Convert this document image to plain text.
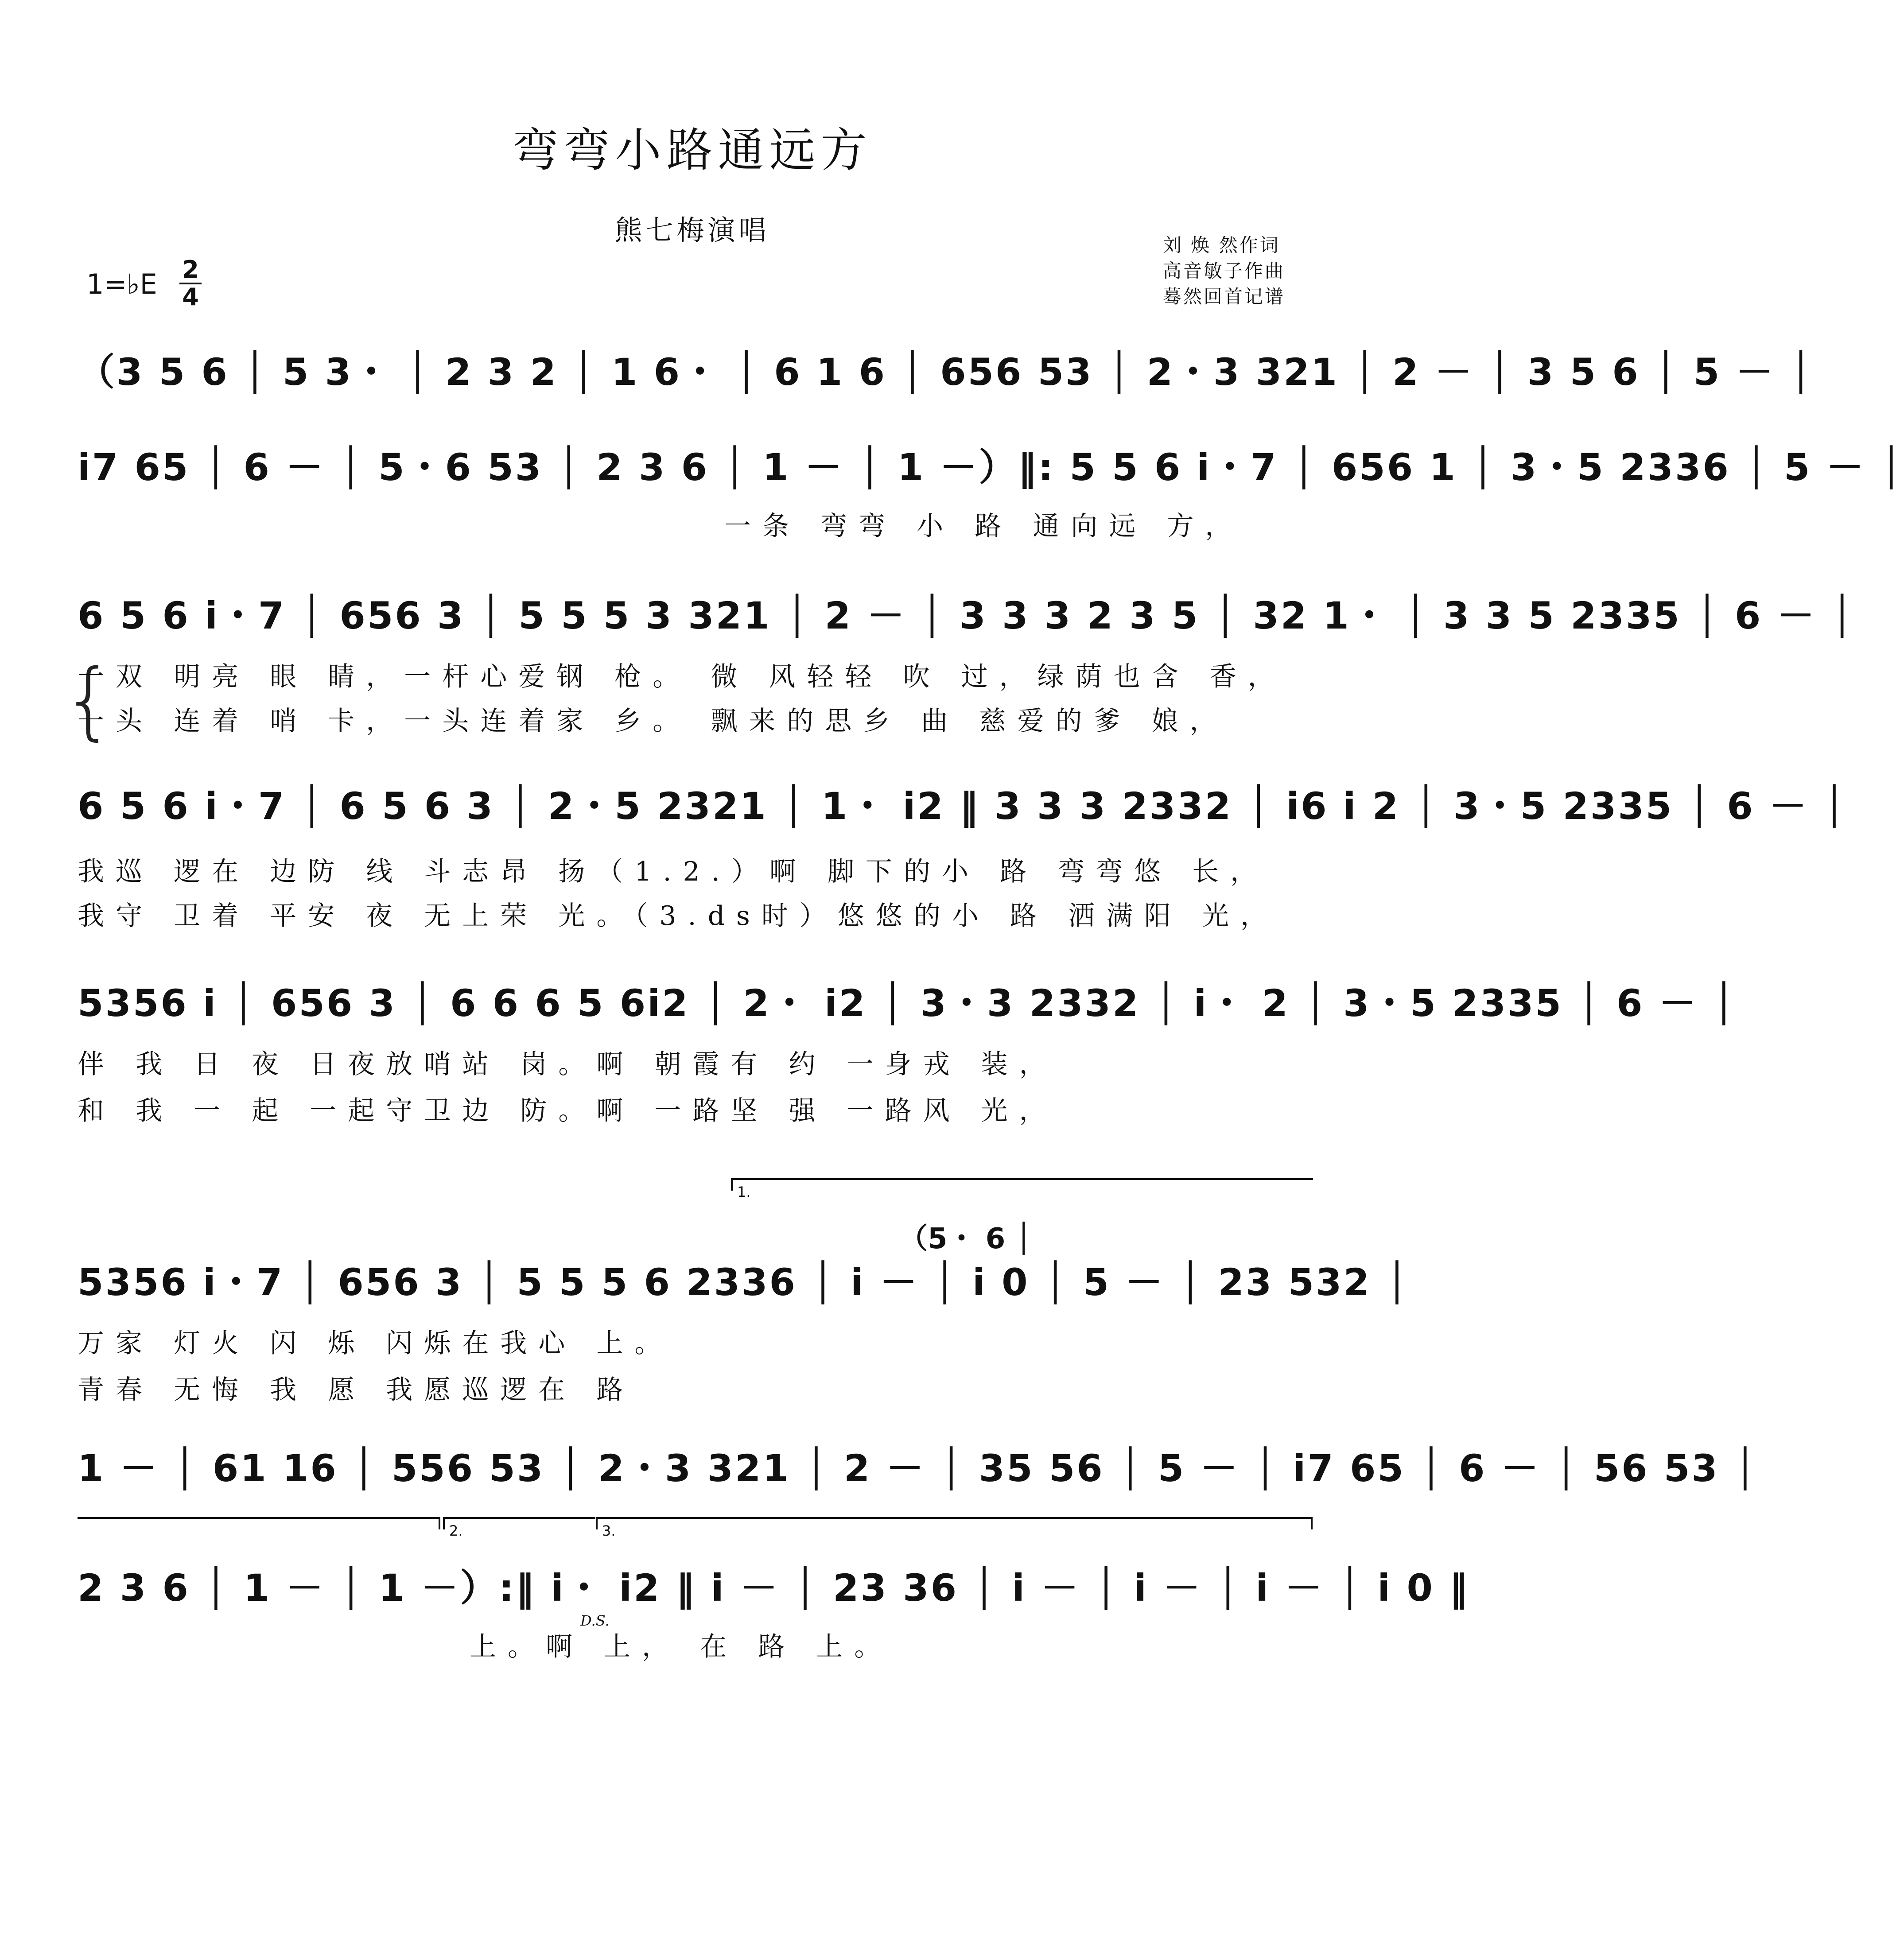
弯弯小路通远方
熊七梅演唱	刘 焕 然作词
高音敏子作曲
蓦然回首记谱
1=♭E 2
4
（3 5 6 │ 5 3・ │ 2 3 2 │ 1 6・ │ 6 1 6 │ 656 53 │ 2・3 321 │ 2 － │ 3 5 6 │ 5 － │
i7 65 │ 6 － │ 5・6 53 │ 2 3 6 │ 1 － │ 1 －）‖: 5 5 6 i・7 │ 656 1 │ 3・5 2336 │ 5 － │
一条 弯弯 小 路 通向远 方，
6 5 6 i・7 │ 656 3 │ 5 5 5 3 321 │ 2 － │ 3 3 3 2 3 5 │ 32 1・ │ 3 3 5 2335 │ 6 － │
{
一双 明亮 眼 睛，一杆心爱钢 枪。 微 风轻轻 吹 过，绿荫也含 香，
一头 连着 哨 卡，一头连着家 乡。 飘来的思乡 曲 慈爱的爹 娘，
6 5 6 i・7 │ 6 5 6 3 │ 2・5 2321 │ 1・ i2 ‖ 3 3 3 2332 │ i6 i 2 │ 3・5 2335 │ 6 － │
我巡 逻在 边防 线 斗志昂 扬（1.2.）啊 脚下的小 路 弯弯悠 长，
我守 卫着 平安 夜 无上荣 光。（3.ds时）悠悠的小 路 洒满阳 光，
5356 i │ 656 3 │ 6 6 6 5 6i2 │ 2・ i2 │ 3・3 2332 │ i・ 2 │ 3・5 2335 │ 6 － │
伴 我 日 夜 日夜放哨站 岗。啊 朝霞有 约 一身戎 装，
和 我 一 起 一起守卫边 防。啊 一路坚 强 一路风 光，
1.
（5・ 6 │
5356 i・7 │ 656 3 │ 5 5 5 6 2336 │ i － │ i 0 │ 5 － │ 23 532 │
万家 灯火 闪 烁 闪烁在我心 上。
青春 无悔 我 愿 我愿巡逻在 路
1 － │ 61 16 │ 556 53 │ 2・3 321 │ 2 － │ 35 56 │ 5 － │ i7 65 │ 6 － │ 56 53 │
2.	3.
2 3 6 │ 1 － │ 1 －）:‖ i・ i2 ‖ i － │ 23 36 │ i － │ i － │ i － │ i 0 ‖
D.S.
上。啊 上， 在 路 上。
